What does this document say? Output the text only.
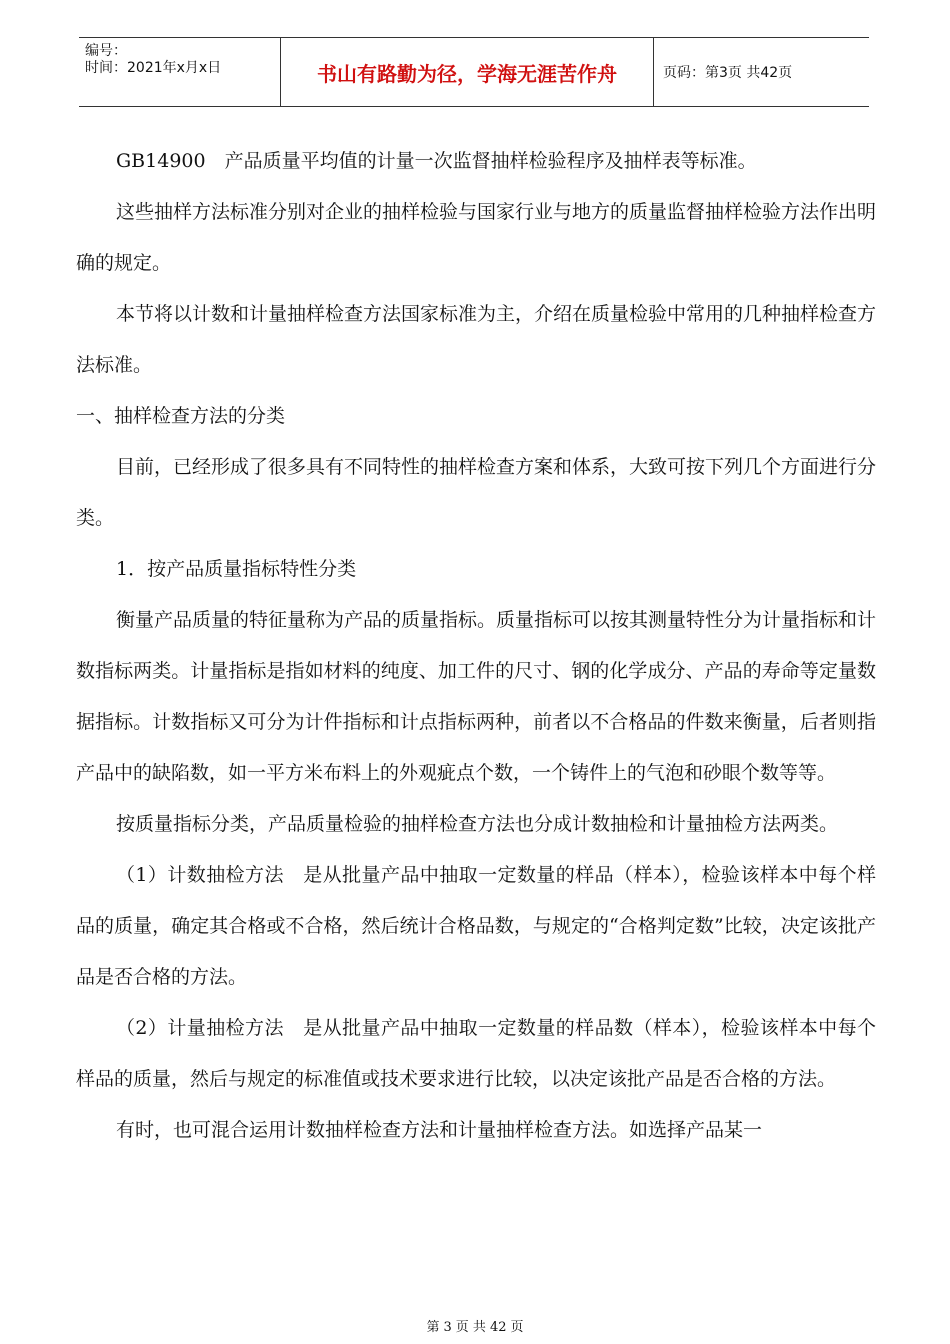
编号：
时间：2021年x月x日	书山有路勤为径，学海无涯苦作舟	页码：第3页 共42页

GB14900　产品质量平均值的计量一次监督抽样检验程序及抽样表等标准。

这些抽样方法标准分别对企业的抽样检验与国家行业与地方的质量监督抽样检验方法作出明确的规定。

本节将以计数和计量抽样检查方法国家标准为主，介绍在质量检验中常用的几种抽样检查方法标准。

一、抽样检查方法的分类

目前，已经形成了很多具有不同特性的抽样检查方案和体系，大致可按下列几个方面进行分类。

1．按产品质量指标特性分类

衡量产品质量的特征量称为产品的质量指标。质量指标可以按其测量特性分为计量指标和计数指标两类。计量指标是指如材料的纯度、加工件的尺寸、钢的化学成分、产品的寿命等定量数据指标。计数指标又可分为计件指标和计点指标两种，前者以不合格品的件数来衡量，后者则指产品中的缺陷数，如一平方米布料上的外观疵点个数，一个铸件上的气泡和砂眼个数等等。

按质量指标分类，产品质量检验的抽样检查方法也分成计数抽检和计量抽检方法两类。

（1）计数抽检方法　是从批量产品中抽取一定数量的样品（样本），检验该样本中每个样品的质量，确定其合格或不合格，然后统计合格品数，与规定的“合格判定数”比较，决定该批产品是否合格的方法。

（2）计量抽检方法　是从批量产品中抽取一定数量的样品数（样本），检验该样本中每个样品的质量，然后与规定的标准值或技术要求进行比较，以决定该批产品是否合格的方法。

有时，也可混合运用计数抽样检查方法和计量抽样检查方法。如选择产品某一

第 3 页 共 42 页
